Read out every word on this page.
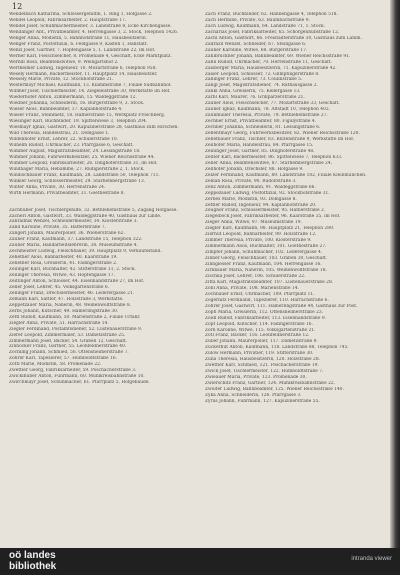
12
Wendelbach Katharina, Schlossergehilfin, 1. Ring 1, Hofgasse 2.
Wendel Leopold, Fabriksarbeiter, 2. Hauptstraße 17.
Wendel Josef, Schuhmachermeister, 3. Landstraße 8, Ecke Kirchengasse.
Wendlinger Ant., Privatbeamter, 4. Herrengasse 3, 2. Stock, Telephon 1426.
Wenger Anna, Modistin, 5. Bahnhofstraße 11, Hausbesitzerin.
Wenger Franz, Postoffizial, 6. Feldgasse 9, Kasten 1, Hallstatt.
Wenzl Josef, Gärtner, 7. Hopfengasse 5, 1. Landstraße 22, im Hof.
Werner Karl, Fleischselcher, 8. Promenade 4, Geschäft, Ecke Marktplatz.
Werndl Rosa, Beamtenswitwe, 9. Weingartshof 2.
Wertheimer Ludwig, Ingenieur, 10. Mozartstraße 6, Telephon 958.
Wesely Hermann, Bäckermeister, 11. Hauptplatz 14, Hausbesitzer.
Wessely Marie, Private, 12. Stockhofstraße 21.
Westermayr Michael, Kaufmann, 13. Klammstraße 7, Filiale Südbahnhof.
Wibmer Josef, Tischlermeister, 14. Ziegeleistraße 30, Werkstätte im Hof.
Wiederhofer Anton, Zimmermann, 15. Waldeggstraße 12.
Wiedner Johanna, Schneiderin, 16. Bürgerstraße 9, 3. Stock.
Wieser Alois, Bahnbeamter, 17. Kaplanhofstraße 4.
Wieser Franz, Steinmetz, 18. Hafnerstraße 15, Werkplatz Froschberg.
Wiesinger Karl, Buchbinder, 19. Spittelwiese 3, Telephon 204.
Wiesmayr Ignaz, Gastwirt, 20. Kapuzinerstraße 28, Gasthaus zum Hirschen.
Wild Theresia, Handelsfrau, 21. Domgasse 1.
Wildenhofer Ernst, Lehrer, 22. Schulerstraße 10.
Wilhelm Rudolf, Uhrmacher, 23. Pfarrgasse 6, Geschäft.
Wimmer August, Magistratsbeamter, 24. Lessingstraße 18.
Wimmer Johann, Fuhrwerksbesitzer, 25. Wiener Reichsstraße 44.
Wimmer Leopold, Fabriksarbeiter, 26. Dinghoferstraße 31, im Hof.
Windhager Maria, Hebamme, 27. Rudigierstraße 2, 1. Stock.
Windischbauer Franz, Kaufmann, 28. Landstraße 50, Telephon 711.
Winkler Georg, Schlossermeister, 29. Starhembergstraße 13.
Winter Anna, Private, 30. Herrenstraße 24.
Wirth Hermann, Privatbeamter, 31. Goethestraße 8.
Zachhuber Josef, Tischlergehilfe, 32. Bethlehemstraße 5, Zugang Hofgasse.
Zacherl Anton, Gastwirt, 33. Waldeggstraße 40, Gasthaus zur Linde.
Zahradnik Wenzel, Schneidermeister, 34. Klosterstraße 3.
Zand Karoline, Private, 35. Hafferlstraße 7.
Zangerl Johann, Maurerpolier, 36. Wienerstraße 62.
Zauner Franz, Kaufmann, 37. Landstraße 15, Telephon 322.
Zauner Maria, Handarbeitslehrerin, 38. Museumstraße 4.
Zechmeister Ludwig, Fleischhauer, 39. Hauptplatz 9, Verkaufsstand.
Zehetner Alois, Bahnarbeiter, 40. Kaarstraße 19.
Zehetner Rosa, Greislerin, 41. Fadingerstraße 2.
Zeilinger Karl, Buchhalter, 42. Stifterstraße 11, 2. Stock.
Zeilinger Theresia, Witwe, 43. Hopfengasse 17.
Zeitlinger Anton, Schlosser, 44. Eisenhandstraße 27, im Hof.
Zeller Josef, Lehrer, 45. Volksgartenstraße 6.
Zellinger Franz, Drechslermeister, 46. Lederergasse 21.
Zemann Karl, Sattler, 47. Holzstraße 3, Werkstätte.
Zeppetzauer Maria, Näherin, 48. Weißenwolffstraße 8.
Zerbs Johann, Kutscher, 49. Hamerlingstraße 30.
Zettl Rudolf, Kaufmann, 50. Marienstraße 2, Filiale Urfahr.
Ziegler Anna, Private, 51. Harrachstraße 14.
Ziegler Ferdinand, Postamtsdiener, 52. Lustenauerstraße 9.
Zierer Leopold, Zimmermaler, 53. Dametzstraße 25.
Zimmermann Josef, Bäcker, 54. Graben 12, Geschäft.
Zinnöcker Franz, Gärtner, 55. Leonfeldnerstraße 40.
Zöchling Johann, Schmied, 56. Ottensheimerstraße 7.
Zöhrer Karl, Tapezierer, 57. Humboldtstraße 16.
Zöttl Marie, Modistin, 58. Promenade 22.
Zwettler Georg, Fabriksarbeiter, 59. Poschacherstraße 3.
Zwicklhuber Anton, Fuhrmann, 60. Mühlkreisbahnstraße 10.
Zwirchmayr Josef, Schuhmacher, 61. Pfarrplatz 5, Hofgebäude.
Zach Franz, Buchbinder, 62. Hahnengasse 4, Telephon 518.
Zach Hermine, Private, 63. Baumbachstraße 9.
Zach Ludwig, Kaufmann, 64. Landstraße 71, 1. Stock.
Zacharias Josef, Fabriksarbeiter, 65. Schörgenhubstraße 12.
Zachl Anton, Gastwirt, 66. Freistädterstraße 30, Gasthaus zum Lamm.
Zadrazil Wenzel, Schneider, 67. Steingasse 6.
Zäuner Karoline, Witwe, 68. Bürgerstraße 17.
Zahlbruckner Johann, Bahnbeamter, 69. Wiener Reichsstraße 91.
Zahn Rudolf, Uhrmacher, 70. Herrenstraße 11, Geschäft.
Zaisberger Maria, Hausbesitzerin, 71. Kapuzinerstraße 42.
Zaiser Leopold, Schlosser, 72. Glimpfingerstraße 8.
Zallinger Franz, Lehrer, 73. Coulinstraße 5.
Zangl Josef, Magistratsdiener, 74. Rathausgasse 2.
Zankl Anna, Greislerin, 75. Kellergasse 13.
Zarbl Karl, Maurer, 76. Grillparzerstraße 21.
Zauner Alois, Fleischselcher, 77. Mozartstraße 33, Geschäft.
Zauner Ignaz, Kaufmann, 78. Altstadt 10, Telephon 402.
Zaunmüller Theresia, Private, 79. Bethlehemstraße 27.
Zechner Ernst, Privatbeamter, 80. Figulystraße 4.
Zechner Johanna, Schneiderin, 81. Lessingstraße 6.
Zehentmayr Georg, Fuhrwerksbesitzer, 82. Wiener Reichsstraße 120.
Zehetbauer Franz, Tischler, 83. Blütenstraße 9, Werkstätte im Hof.
Zeilhofer Maria, Handelsfrau, 84. Pfarrgasse 15.
Zeininger Josef, Gärtner, 85. Dinghoferstraße 48.
Zeitler Karl, Bäckermeister, 86. Spittelwiese 7, Telephon 633.
Zeller Anna, Beamtenswitwe, 87. Starhembergstraße 24.
Zellhofer Johann, Drechsler, 88. Hofgasse 9.
Zelzer Ferdinand, Kaufmann, 89. Landstraße 102, Filiale Kleinmünchen.
Zeman Rosa, Private, 90. Rudolfstraße 3.
Zenz Anton, Zimmermann, 91. Waldeggstraße 66.
Zeppezauer Ludwig, Postoffizial, 92. Stockhofstraße 31.
Zerbes Marie, Modistin, 93. Domgasse 8.
Zettler Rudolf, Ingenieur, 94. Kaplanhofstraße 20.
Zeugner Franz, Schlossermeister, 95. Hafnerstraße 2.
Ziegelböck Josef, Fabriksarbeiter, 96. Kaarstraße 35, im Hof.
Zieger Anna, Witwe, 97. Museumstraße 19.
Ziegler Karl, Kaufmann, 98. Hauptplatz 21, Telephon 289.
Zierhut Leopold, Bahnarbeiter, 99. Holzstraße 12.
Zimmer Theresia, Private, 100. Klosterstraße 9.
Zimmermann Alois, Buchhalter, 101. Goethestraße 27.
Zimpfer Johann, Schuhmacher, 102. Lederergasse 4.
Zinner Georg, Fleischhauer, 103. Graben 30, Geschäft.
Zinngiesser Franz, Kaufmann, 104. Herrengasse 16.
Zirnbauer Maria, Näherin, 105. Weißenwolffstraße 18.
Zischka Josef, Lehrer, 106. Schulerstraße 22.
Zitta Karl, Magistratsbeamter, 107. Lustenauerstraße 28.
Zöbl Anna, Private, 108. Marienstraße 14.
Zöchbauer Ernst, Uhrmacher, 109. Pfarrplatz 11.
Zögernitz Ferdinand, Tapezierer, 110. Harrachstraße 6.
Zöhrer Josef, Gastwirt, 111. Hamerlingstraße 44, Gasthaus zur Post.
Zöpfl Maria, Greislerin, 112. Ottensheimerstraße 23.
Zoidl Rudolf, Fabriksarbeiter, 113. Eisenhandstraße 9.
Zopf Leopold, Kutscher, 114. Fadingerstraße 16.
Zorn Karoline, Witwe, 115. Volksgartenstraße 21.
Zötl Franz, Bäcker, 116. Leonfeldnerstraße 12.
Zuber Johann, Maurerpolier, 117. Dametzstraße 9.
Zuckerhut Anton, Kaufmann, 118. Landstraße 88, Telephon 745.
Zülow Hermann, Privatier, 119. Stifterstraße 30.
Zuna Theresia, Hausbesitzerin, 120. Holzstraße 28.
Zwettler Karl, Schmied, 121. Poschacherstraße 19.
Zwick Josef, Tischlermeister, 122. Humboldtstraße 7.
Zwieauer Maria, Private, 123. Promenade 30.
Zwierschitz Franz, Gärtner, 124. Mühlkreisbahnstraße 22.
Zwölfer Ludwig, Bahnbeamter, 125. Wiener Reichsstraße 140.
Zyka Anna, Schneiderin, 126. Pfarrgasse 3.
Zyrus Johann, Fuhrmann, 127. Kapuzinerstraße 55.
oö landes
bibliothek
intranda viewer
